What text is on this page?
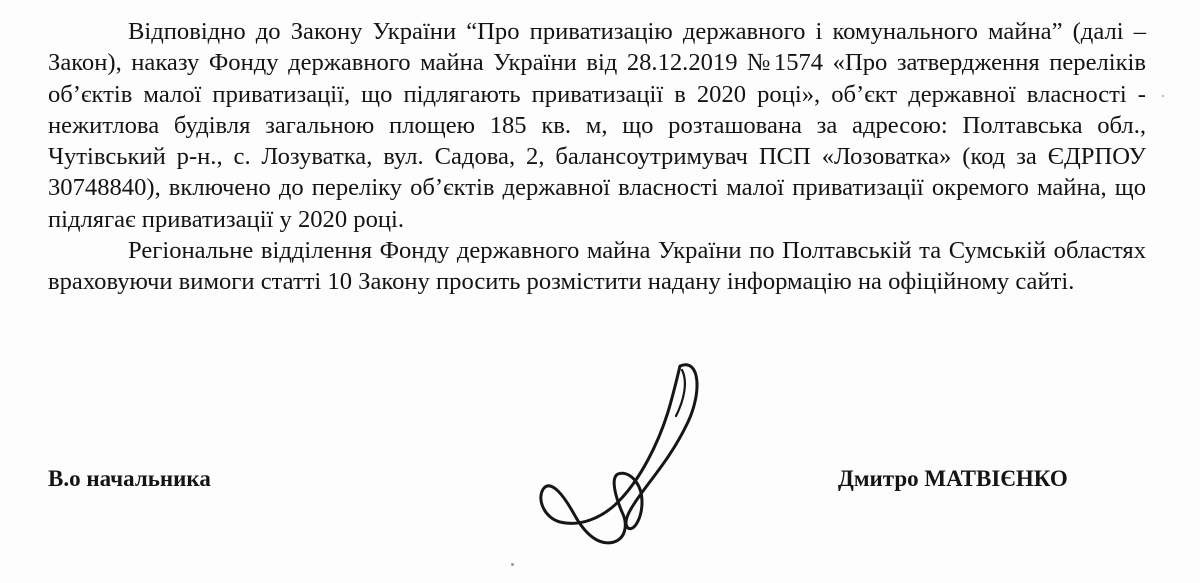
Відповідно до Закону України “Про приватизацію державного і комунального майна” (далі – Закон), наказу Фонду державного майна України від 28.12.2019 №1574 «Про затвердження переліків об’єктів малої приватизації, що підлягають приватизації в 2020 році», об’єкт державної власності - нежитлова будівля загальною площею 185 кв. м, що розташована за адресою: Полтавська обл., Чутівський р-н., с. Лозуватка, вул. Садова, 2, балансоутримувач ПСП «Лозоватка» (код за ЄДРПОУ 30748840), включено до переліку об’єктів державної власності малої приватизації окремого майна, що підлягає приватизації у 2020 році.

Регіональне відділення Фонду державного майна України по Полтавській та Сумській областях враховуючи вимоги статті 10 Закону просить розмістити надану інформацію на офіційному сайті.

В.о начальника	Дмитро МАТВІЄНКО
